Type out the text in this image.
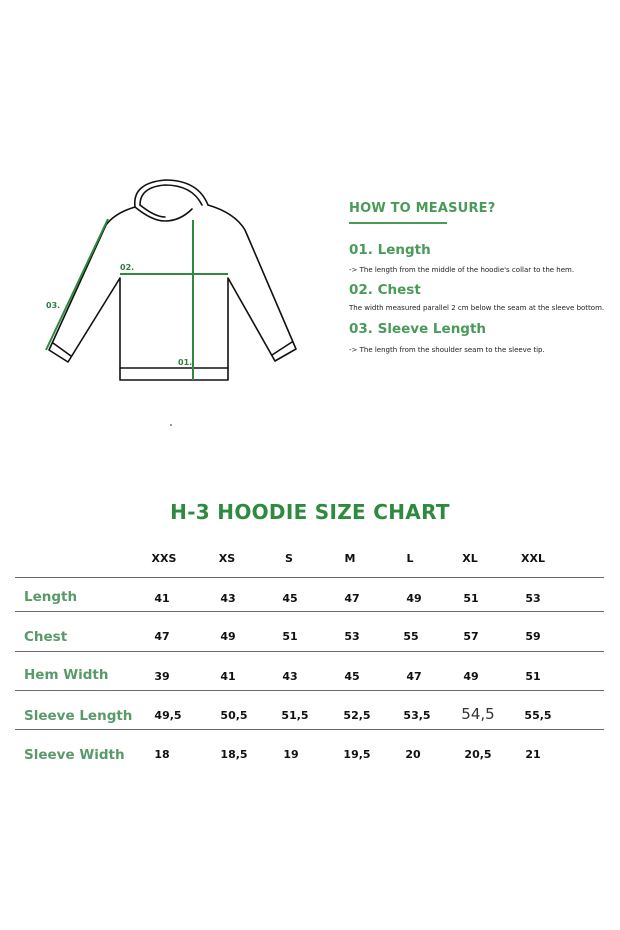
01.
02.
03.
HOW TO MEASURE?
01. Length
-> The length from the middle of the hoodie's collar to the hem.
02. Chest
The width measured parallel 2 cm below the seam at the sleeve bottom.
03. Sleeve Length
-> The length from the shoulder seam to the sleeve tip.
H-3 HOODIE SIZE CHART
XXS	XS	S	M	L	XL	XXL
Length	41	43	45	47	49	51	53
Chest	47	49	51	53	55	57	59
Hem Width	39	41	43	45	47	49	51
Sleeve Length	49,5	50,5	51,5	52,5	53,5	54,5	55,5
Sleeve Width	18	18,5	19	19,5	20	20,5	21
